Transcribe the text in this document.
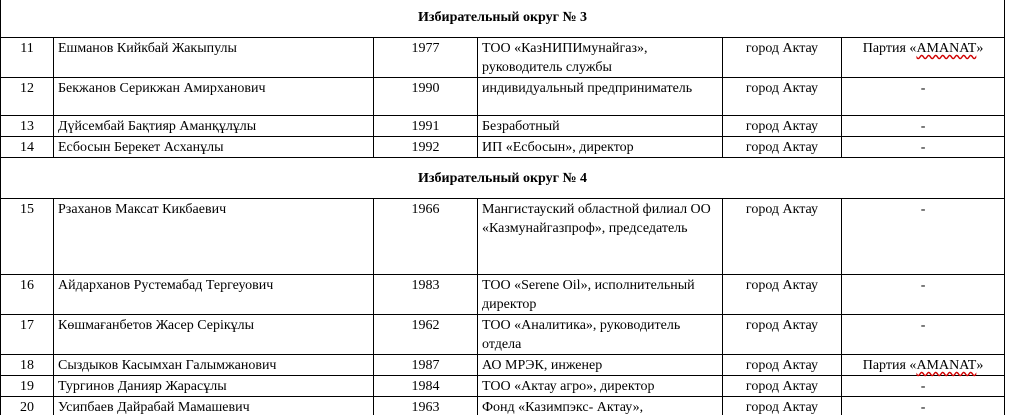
Избирательный округ № 3					
11	Ешманов Кийкбай Жакыпулы	1977	ТОО «КазНИПИмунайгаз», руководитель службы	город Актау	Партия «AMANAT»
12	Бекжанов Серикжан Амирханович	1990	индивидуальный предприниматель	город Актау	-
13	Дүйсембай Бақтияр Аманқұлұлы	1991	Безработный	город Актау	-
14	Есбосын Берекет Асханұлы	1992	ИП «Есбосын», директор	город Актау	-
Избирательный округ № 4					
15	Рзаханов Максат Кикбаевич	1966	Мангистауский областной филиал ОО «Казмунайгазпроф», председатель	город Актау	-
16	Айдарханов Рустемабад Тергеуович	1983	ТОО «Serene Oil», исполнительный директор	город Актау	-
17	Көшмағанбетов Жасер Серікұлы	1962	ТОО «Аналитика», руководитель отдела	город Актау	-
18	Сыздыков Касымхан Галымжанович	1987	АО МРЭК, инженер	город Актау	Партия «AMANAT»
19	Тургинов Данияр Жарасұлы	1984	ТОО «Актау агро», директор	город Актау	-
20	Усипбаев Дайрабай Мамашевич	1963	Фонд «Казимпэкс- Актау»,	город Актау	-
